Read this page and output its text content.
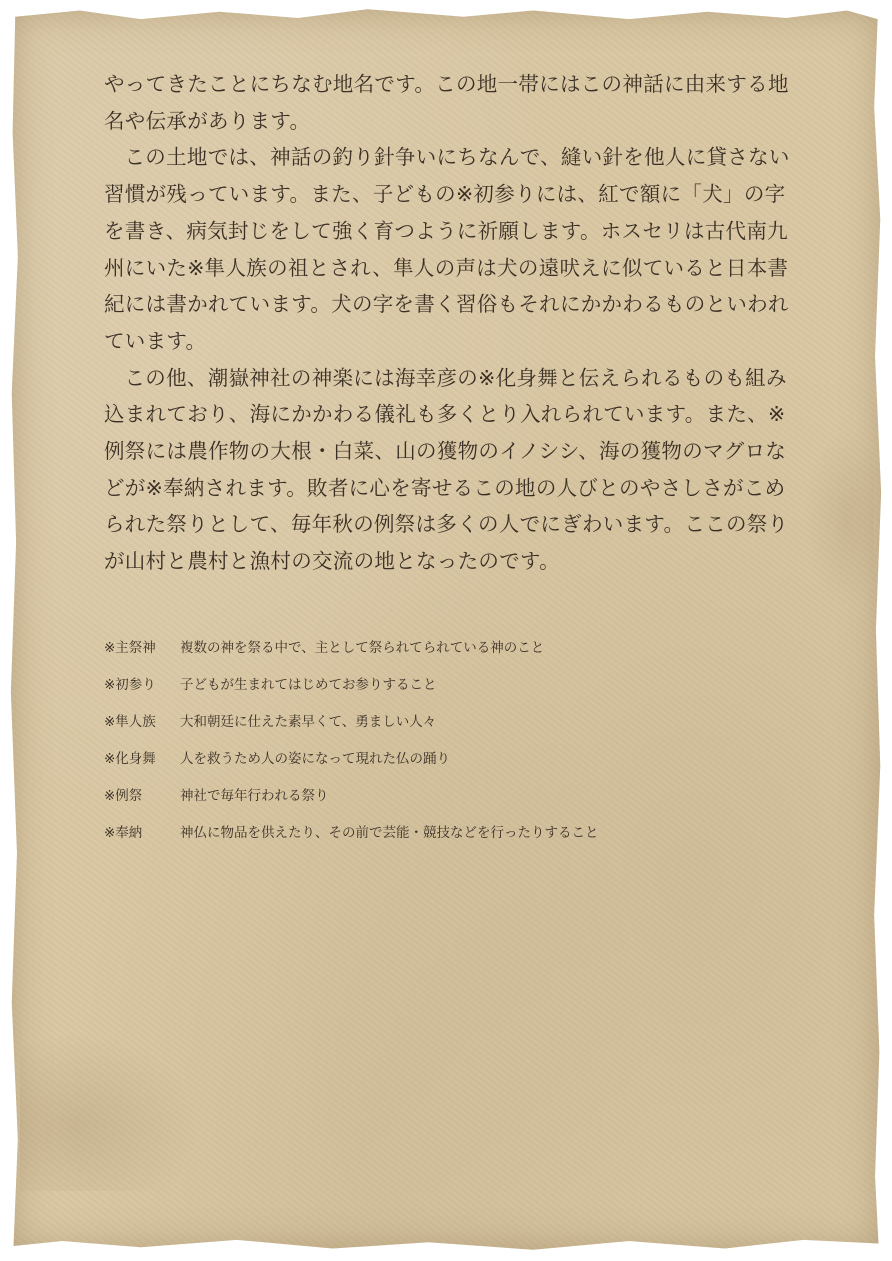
やってきたことにちなむ地名です。この地一帯にはこの神話に由来する地名や伝承があります。

この土地では、神話の釣り針争いにちなんで、縫い針を他人に貸さない習慣が残っています。また、子どもの※初参りには、紅で額に「犬」の字を書き、病気封じをして強く育つように祈願します。ホスセリは古代南九州にいた※隼人族の祖とされ、隼人の声は犬の遠吠えに似ていると日本書紀には書かれています。犬の字を書く習俗もそれにかかわるものといわれています。

この他、潮嶽神社の神楽には海幸彦の※化身舞と伝えられるものも組み込まれており、海にかかわる儀礼も多くとり入れられています。また、※例祭には農作物の大根・白菜、山の獲物のイノシシ、海の獲物のマグロなどが※奉納されます。敗者に心を寄せるこの地の人びとのやさしさがこめられた祭りとして、毎年秋の例祭は多くの人でにぎわいます。ここの祭りが山村と農村と漁村の交流の地となったのです。

※主祭神 複数の神を祭る中で、主として祭られてられている神のこと
※初参り 子どもが生まれてはじめてお参りすること
※隼人族 大和朝廷に仕えた素早くて、勇ましい人々
※化身舞 人を救うため人の姿になって現れた仏の踊り
※例祭	神社で毎年行われる祭り
※奉納	神仏に物品を供えたり、その前で芸能・競技などを行ったりすること
